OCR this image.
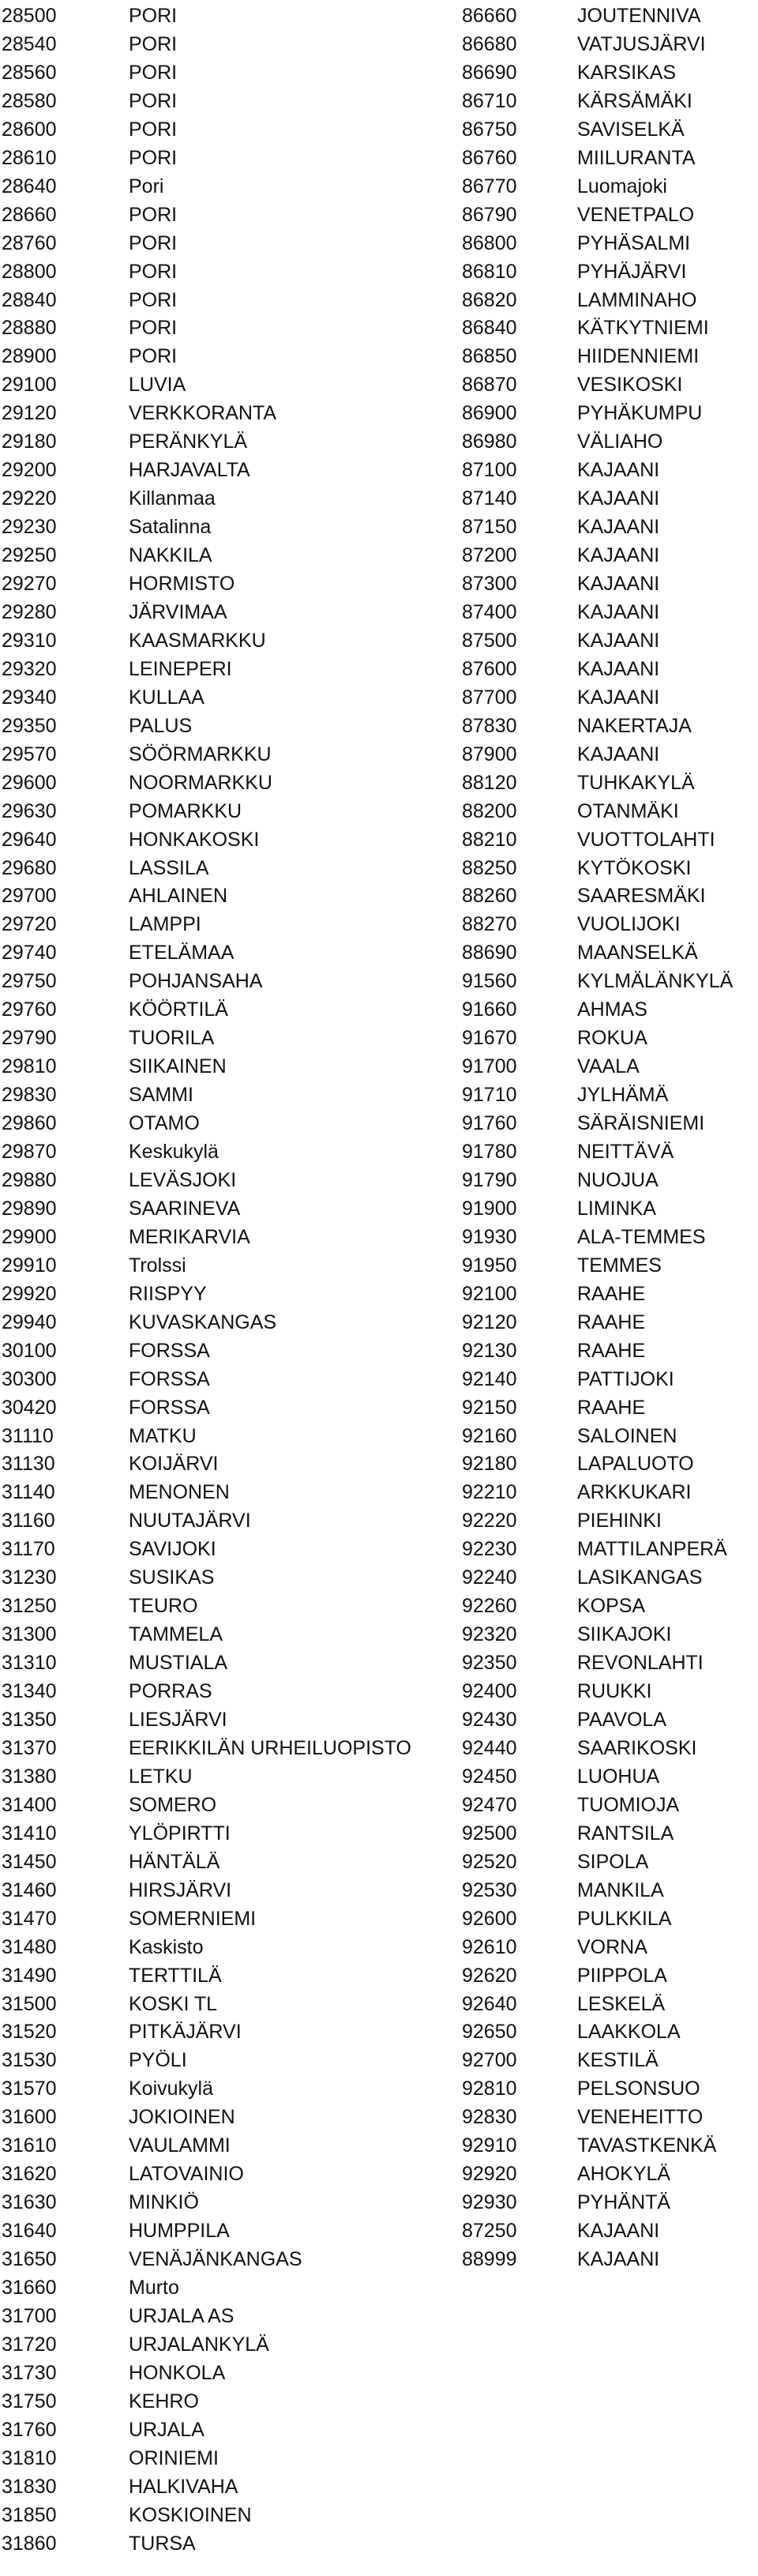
28500	PORI	86660	JOUTENNIVA
28540	PORI	86680	VATJUSJÄRVI
28560	PORI	86690	KARSIKAS
28580	PORI	86710	KÄRSÄMÄKI
28600	PORI	86750	SAVISELKÄ
28610	PORI	86760	MIILURANTA
28640	Pori	86770	Luomajoki
28660	PORI	86790	VENETPALO
28760	PORI	86800	PYHÄSALMI
28800	PORI	86810	PYHÄJÄRVI
28840	PORI	86820	LAMMINAHO
28880	PORI	86840	KÄTKYTNIEMI
28900	PORI	86850	HIIDENNIEMI
29100	LUVIA	86870	VESIKOSKI
29120	VERKKORANTA	86900	PYHÄKUMPU
29180	PERÄNKYLÄ	86980	VÄLIAHO
29200	HARJAVALTA	87100	KAJAANI
29220	Killanmaa	87140	KAJAANI
29230	Satalinna	87150	KAJAANI
29250	NAKKILA	87200	KAJAANI
29270	HORMISTO	87300	KAJAANI
29280	JÄRVIMAA	87400	KAJAANI
29310	KAASMARKKU	87500	KAJAANI
29320	LEINEPERI	87600	KAJAANI
29340	KULLAA	87700	KAJAANI
29350	PALUS	87830	NAKERTAJA
29570	SÖÖRMARKKU	87900	KAJAANI
29600	NOORMARKKU	88120	TUHKAKYLÄ
29630	POMARKKU	88200	OTANMÄKI
29640	HONKAKOSKI	88210	VUOTTOLAHTI
29680	LASSILA	88250	KYTÖKOSKI
29700	AHLAINEN	88260	SAARESMÄKI
29720	LAMPPI	88270	VUOLIJOKI
29740	ETELÄMAA	88690	MAANSELKÄ
29750	POHJANSAHA	91560	KYLMÄLÄNKYLÄ
29760	KÖÖRTILÄ	91660	AHMAS
29790	TUORILA	91670	ROKUA
29810	SIIKAINEN	91700	VAALA
29830	SAMMI	91710	JYLHÄMÄ
29860	OTAMO	91760	SÄRÄISNIEMI
29870	Keskukylä	91780	NEITTÄVÄ
29880	LEVÄSJOKI	91790	NUOJUA
29890	SAARINEVA	91900	LIMINKA
29900	MERIKARVIA	91930	ALA-TEMMES
29910	Trolssi	91950	TEMMES
29920	RIISPYY	92100	RAAHE
29940	KUVASKANGAS	92120	RAAHE
30100	FORSSA	92130	RAAHE
30300	FORSSA	92140	PATTIJOKI
30420	FORSSA	92150	RAAHE
31110	MATKU	92160	SALOINEN
31130	KOIJÄRVI	92180	LAPALUOTO
31140	MENONEN	92210	ARKKUKARI
31160	NUUTAJÄRVI	92220	PIEHINKI
31170	SAVIJOKI	92230	MATTILANPERÄ
31230	SUSIKAS	92240	LASIKANGAS
31250	TEURO	92260	KOPSA
31300	TAMMELA	92320	SIIKAJOKI
31310	MUSTIALA	92350	REVONLAHTI
31340	PORRAS	92400	RUUKKI
31350	LIESJÄRVI	92430	PAAVOLA
31370	EERIKKILÄN URHEILUOPISTO	92440	SAARIKOSKI
31380	LETKU	92450	LUOHUA
31400	SOMERO	92470	TUOMIOJA
31410	YLÖPIRTTI	92500	RANTSILA
31450	HÄNTÄLÄ	92520	SIPOLA
31460	HIRSJÄRVI	92530	MANKILA
31470	SOMERNIEMI	92600	PULKKILA
31480	Kaskisto	92610	VORNA
31490	TERTTILÄ	92620	PIIPPOLA
31500	KOSKI TL	92640	LESKELÄ
31520	PITKÄJÄRVI	92650	LAAKKOLA
31530	PYÖLI	92700	KESTILÄ
31570	Koivukylä	92810	PELSONSUO
31600	JOKIOINEN	92830	VENEHEITTO
31610	VAULAMMI	92910	TAVASTKENKÄ
31620	LATOVAINIO	92920	AHOKYLÄ
31630	MINKIÖ	92930	PYHÄNTÄ
31640	HUMPPILA	87250	KAJAANI
31650	VENÄJÄNKANGAS	88999	KAJAANI
31660	Murto
31700	URJALA AS
31720	URJALANKYLÄ
31730	HONKOLA
31750	KEHRO
31760	URJALA
31810	ORINIEMI
31830	HALKIVAHA
31850	KOSKIOINEN
31860	TURSA
